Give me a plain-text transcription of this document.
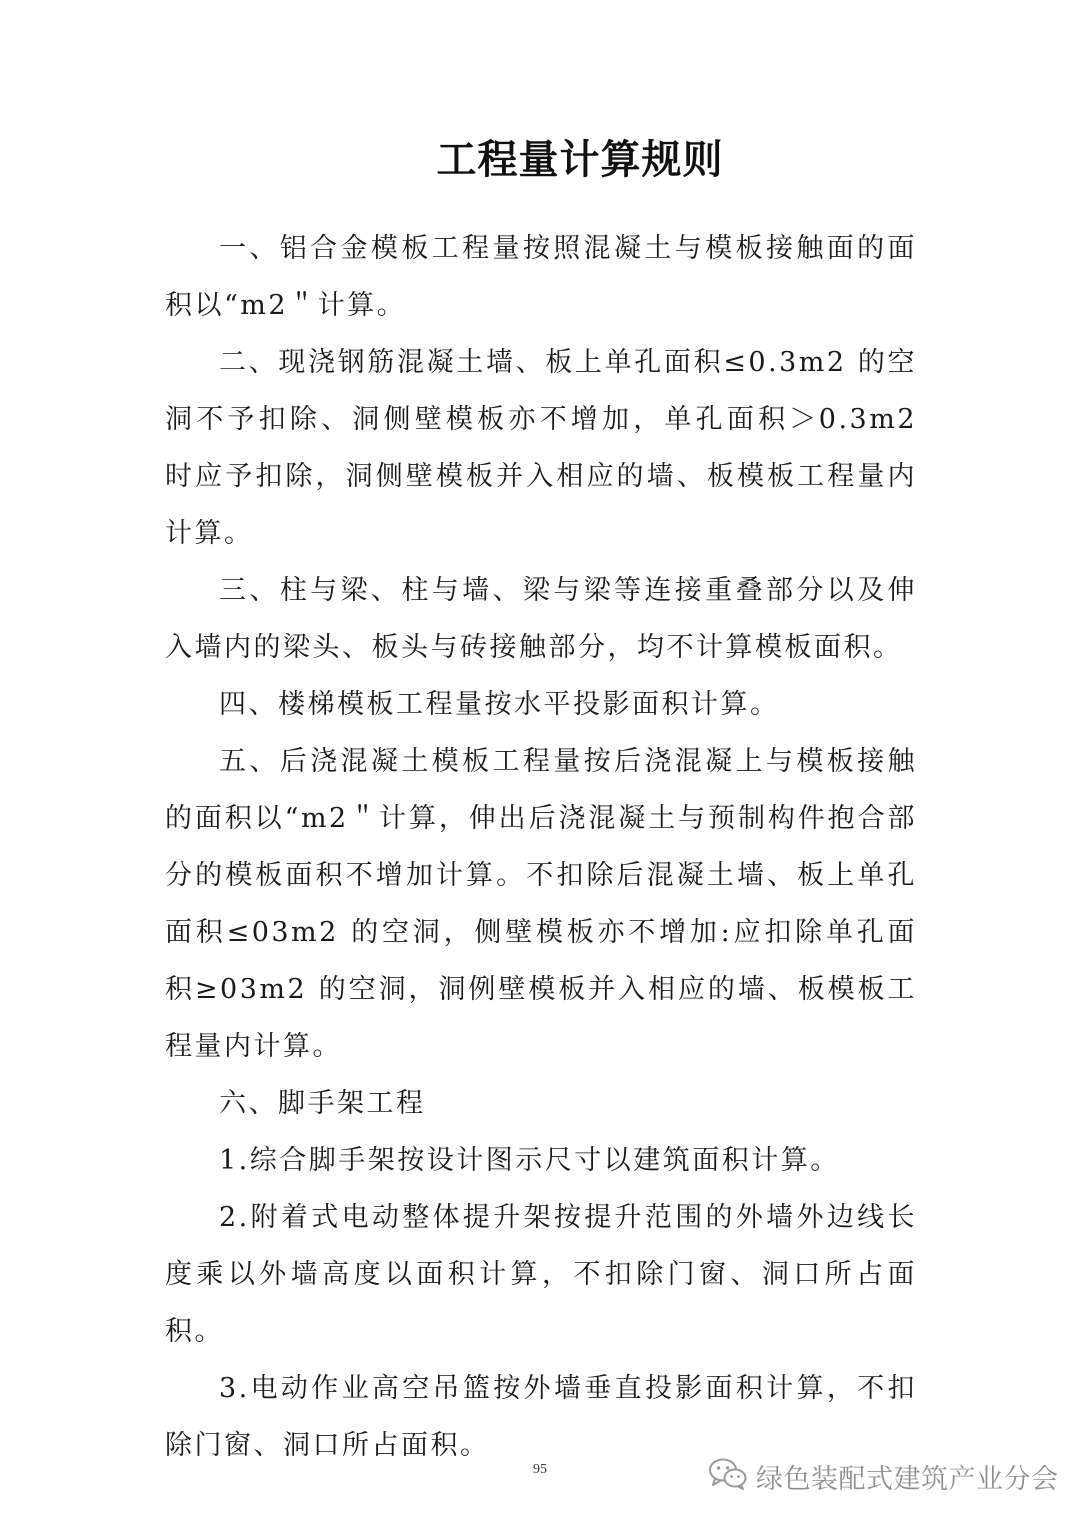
工程量计算规则

一、铝合金模板工程量按照混凝土与模板接触面的面积以“m2＂计算。

二、现浇钢筋混凝土墙、板上单孔面积≤0.3m2 的空洞不予扣除、洞侧壁模板亦不增加，单孔面积＞0.3m2 时应予扣除，洞侧壁模板并入相应的墙、板模板工程量内计算。

三、柱与梁、柱与墙、梁与梁等连接重叠部分以及伸入墙内的梁头、板头与砖接触部分，均不计算模板面积。

四、楼梯模板工程量按水平投影面积计算。

五、后浇混凝土模板工程量按后浇混凝上与模板接触的面积以“m2＂计算，伸出后浇混凝土与预制构件抱合部分的模板面积不增加计算。不扣除后混凝土墙、板上单孔面积≤03m2 的空洞，侧壁模板亦不增加:应扣除单孔面积≥03m2 的空洞，洞例壁模板并入相应的墙、板模板工程量内计算。

六、脚手架工程

1.综合脚手架按设计图示尺寸以建筑面积计算。

2.附着式电动整体提升架按提升范围的外墙外边线长度乘以外墙高度以面积计算，不扣除门窗、洞口所占面积。

3.电动作业高空吊篮按外墙垂直投影面积计算，不扣除门窗、洞口所占面积。

95	绿色装配式建筑产业分会
